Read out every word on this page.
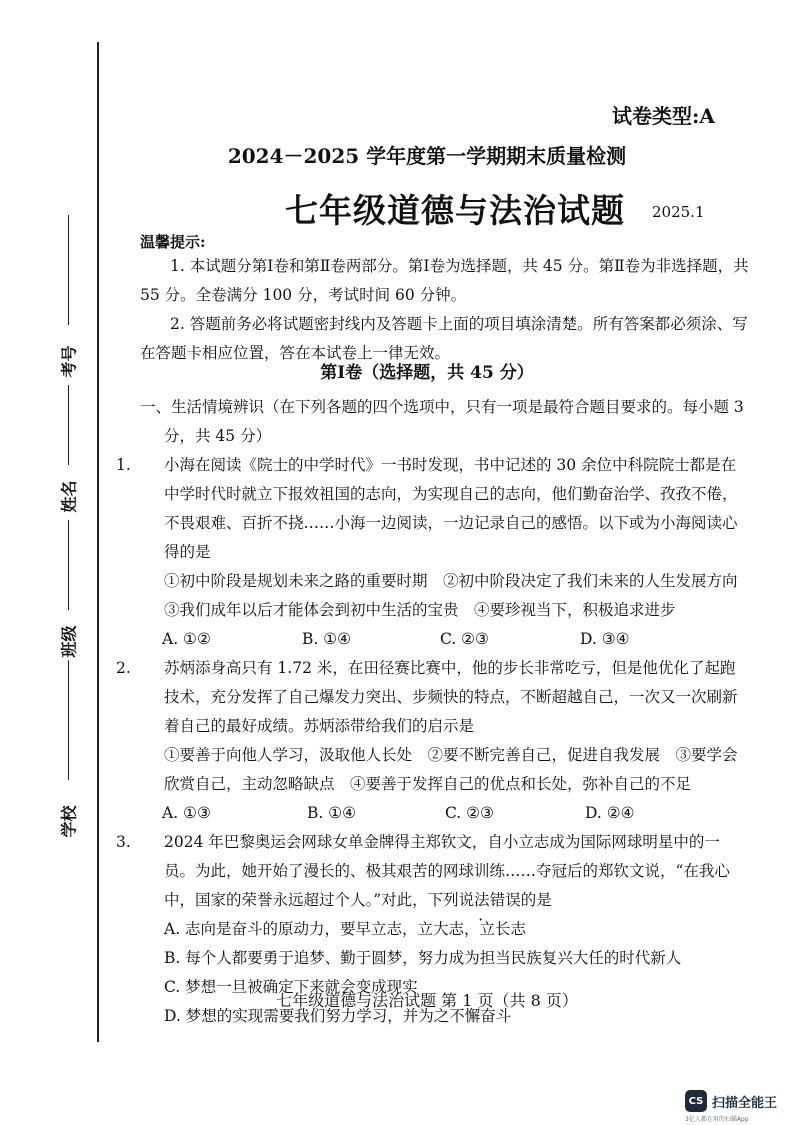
考号
姓名
班级
学校
试卷类型:A
2024－2025 学年度第一学期期末质量检测
七年级道德与法治试题 2025.1
温馨提示:

1. 本试题分第Ⅰ卷和第Ⅱ卷两部分。第Ⅰ卷为选择题，共 45 分。第Ⅱ卷为非选择题，共 55 分。全卷满分 100 分，考试时间 60 分钟。

2. 答题前务必将试题密封线内及答题卡上面的项目填涂清楚。所有答案都必须涂、写在答题卡相应位置，答在本试卷上一律无效。

第Ⅰ卷（选择题，共 45 分）

一、生活情境辨识（在下列各题的四个选项中，只有一项是最符合题目要求的。每小题 3 分，共 45 分）

1. 小海在阅读《院士的中学时代》一书时发现，书中记述的 30 余位中科院院士都是在中学时代时就立下报效祖国的志向，为实现自己的志向，他们勤奋治学、孜孜不倦，不畏艰难、百折不挠……小海一边阅读，一边记录自己的感悟。以下或为小海阅读心得的是

①初中阶段是规划未来之路的重要时期　②初中阶段决定了我们未来的人生发展方向　③我们成年以后才能体会到初中生活的宝贵　④要珍视当下，积极追求进步

A. ①②	B. ①④	C. ②③	D. ③④

2. 苏炳添身高只有 1.72 米，在田径赛比赛中，他的步长非常吃亏，但是他优化了起跑技术，充分发挥了自己爆发力突出、步频快的特点，不断超越自己，一次又一次刷新着自己的最好成绩。苏炳添带给我们的启示是

①要善于向他人学习，汲取他人长处　②要不断完善自己，促进自我发展　③要学会欣赏自己，主动忽略缺点　④要善于发挥自己的优点和长处，弥补自己的不足

A. ①③	B. ①④	C. ②③	D. ②④

3. 2024 年巴黎奥运会网球女单金牌得主郑钦文，自小立志成为国际网球明星中的一员。为此，她开始了漫长的、极其艰苦的网球训练……夺冠后的郑钦文说，“在我心中，国家的荣誉永远超过个人。”对此，下列说法错误的是

A. 志向是奋斗的原动力，要早立志，立大志，立长志

B. 每个人都要勇于追梦、勤于圆梦，努力成为担当民族复兴大任的时代新人

C. 梦想一旦被确定下来就会变成现实

D. 梦想的实现需要我们努力学习，并为之不懈奋斗

七年级道德与法治试题 第 1 页（共 8 页）
CS 扫描全能王
3亿人都在用的扫描App
